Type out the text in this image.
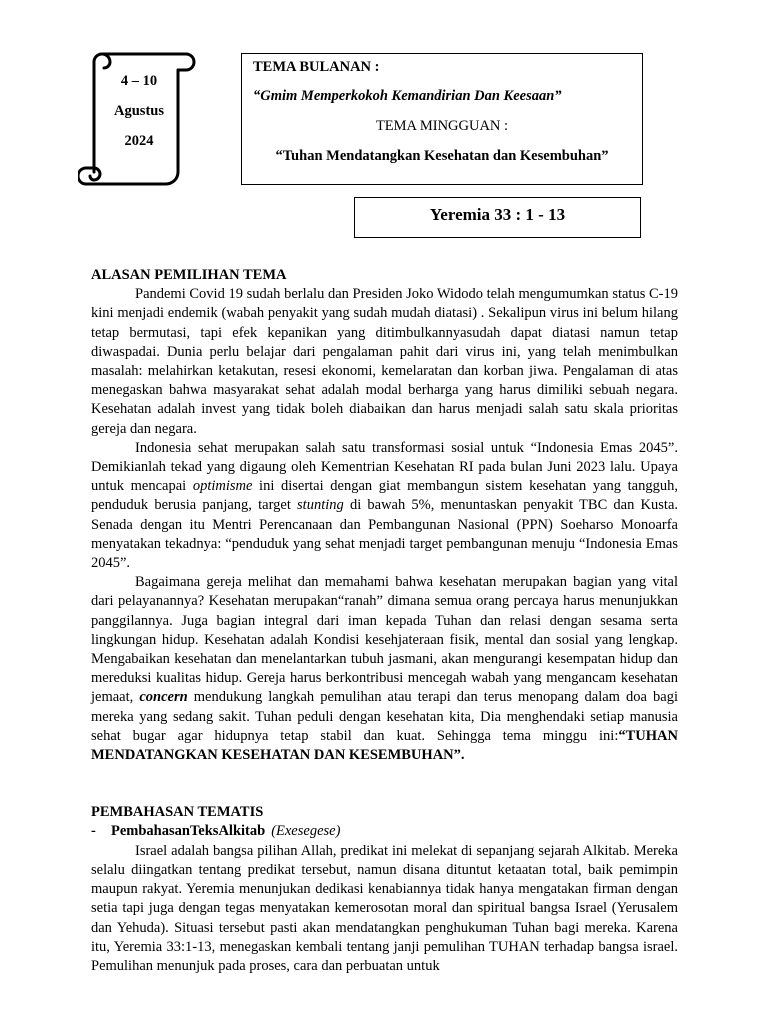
4 – 10
Agustus
2024
TEMA BULANAN :
“Gmim Memperkokoh Kemandirian Dan Keesaan”
TEMA MINGGUAN :
“Tuhan Mendatangkan Kesehatan dan Kesembuhan”
Yeremia 33 : 1 - 13
ALASAN PEMILIHAN TEMA

Pandemi Covid 19 sudah berlalu dan Presiden Joko Widodo telah mengumumkan status C-19 kini menjadi endemik (wabah penyakit yang sudah mudah diatasi) . Sekalipun virus ini belum hilang tetap bermutasi, tapi efek kepanikan yang ditimbulkannyasudah dapat diatasi namun tetap diwaspadai. Dunia perlu belajar dari pengalaman pahit dari virus ini, yang telah menimbulkan masalah: melahirkan ketakutan, resesi ekonomi, kemelaratan dan korban jiwa. Pengalaman di atas menegaskan bahwa masyarakat sehat adalah modal berharga yang harus dimiliki sebuah negara. Kesehatan adalah invest yang tidak boleh diabaikan dan harus menjadi salah satu skala prioritas gereja dan negara.

Indonesia sehat merupakan salah satu transformasi sosial untuk “Indonesia Emas 2045”. Demikianlah tekad yang digaung oleh Kementrian Kesehatan RI pada bulan Juni 2023 lalu. Upaya untuk mencapai optimisme ini disertai dengan giat membangun sistem kesehatan yang tangguh, penduduk berusia panjang, target stunting di bawah 5%, menuntaskan penyakit TBC dan Kusta. Senada dengan itu Mentri Perencanaan dan Pembangunan Nasional (PPN) Soeharso Monoarfa menyatakan tekadnya: “penduduk yang sehat menjadi target pembangunan menuju “Indonesia Emas 2045”.

Bagaimana gereja melihat dan memahami bahwa kesehatan merupakan bagian yang vital dari pelayanannya? Kesehatan merupakan“ranah” dimana semua orang percaya harus menunjukkan panggilannya. Juga bagian integral dari iman kepada Tuhan dan relasi dengan sesama serta lingkungan hidup. Kesehatan adalah Kondisi kesehjateraan fisik, mental dan sosial yang lengkap. Mengabaikan kesehatan dan menelantarkan tubuh jasmani, akan mengurangi kesempatan hidup dan mereduksi kualitas hidup. Gereja harus berkontribusi mencegah wabah yang mengancam kesehatan jemaat, concern mendukung langkah pemulihan atau terapi dan terus menopang dalam doa bagi mereka yang sedang sakit. Tuhan peduli dengan kesehatan kita, Dia menghendaki setiap manusia sehat bugar agar hidupnya tetap stabil dan kuat. Sehingga tema minggu ini:“TUHAN MENDATANGKAN KESEHATAN DAN KESEMBUHAN”.

PEMBAHASAN TEMATIS
-	PembahasanTeksAlkitab (Exesegese)

Israel adalah bangsa pilihan Allah, predikat ini melekat di sepanjang sejarah Alkitab. Mereka selalu diingatkan tentang predikat tersebut, namun disana dituntut ketaatan total, baik pemimpin maupun rakyat. Yeremia menunjukan dedikasi kenabiannya tidak hanya mengatakan firman dengan setia tapi juga dengan tegas menyatakan kemerosotan moral dan spiritual bangsa Israel (Yerusalem dan Yehuda). Situasi tersebut pasti akan mendatangkan penghukuman Tuhan bagi mereka. Karena itu, Yeremia 33:1-13, menegaskan kembali tentang janji pemulihan TUHAN terhadap bangsa israel. Pemulihan menunjuk pada proses, cara dan perbuatan untuk
